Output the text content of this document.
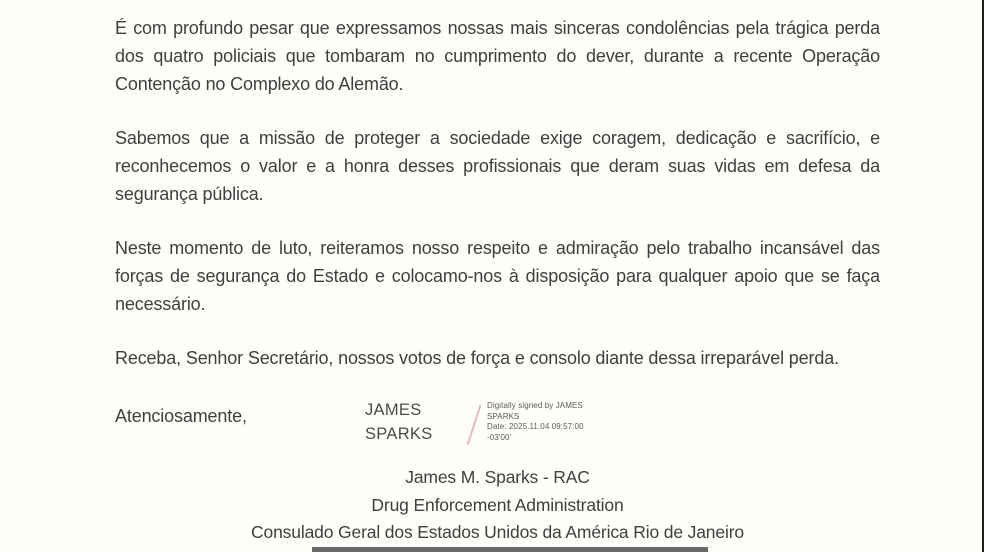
É com profundo pesar que expressamos nossas mais sinceras condolências pela trágica perda dos quatro policiais que tombaram no cumprimento do dever, durante a recente Operação Contenção no Complexo do Alemão.

Sabemos que a missão de proteger a sociedade exige coragem, dedicação e sacrifício, e reconhecemos o valor e a honra desses profissionais que deram suas vidas em defesa da segurança pública.

Neste momento de luto, reiteramos nosso respeito e admiração pelo trabalho incansável das forças de segurança do Estado e colocamo-nos à disposição para qualquer apoio que se faça necessário.

Receba, Senhor Secretário, nossos votos de força e consolo diante dessa irreparável perda.

Atenciosamente,	JAMES
SPARKS
Digitally signed by JAMES
SPARKS
Date: 2025.11.04 09:57:00
-03'00'
James M. Sparks - RAC
Drug Enforcement Administration
Consulado Geral dos Estados Unidos da América Rio de Janeiro
